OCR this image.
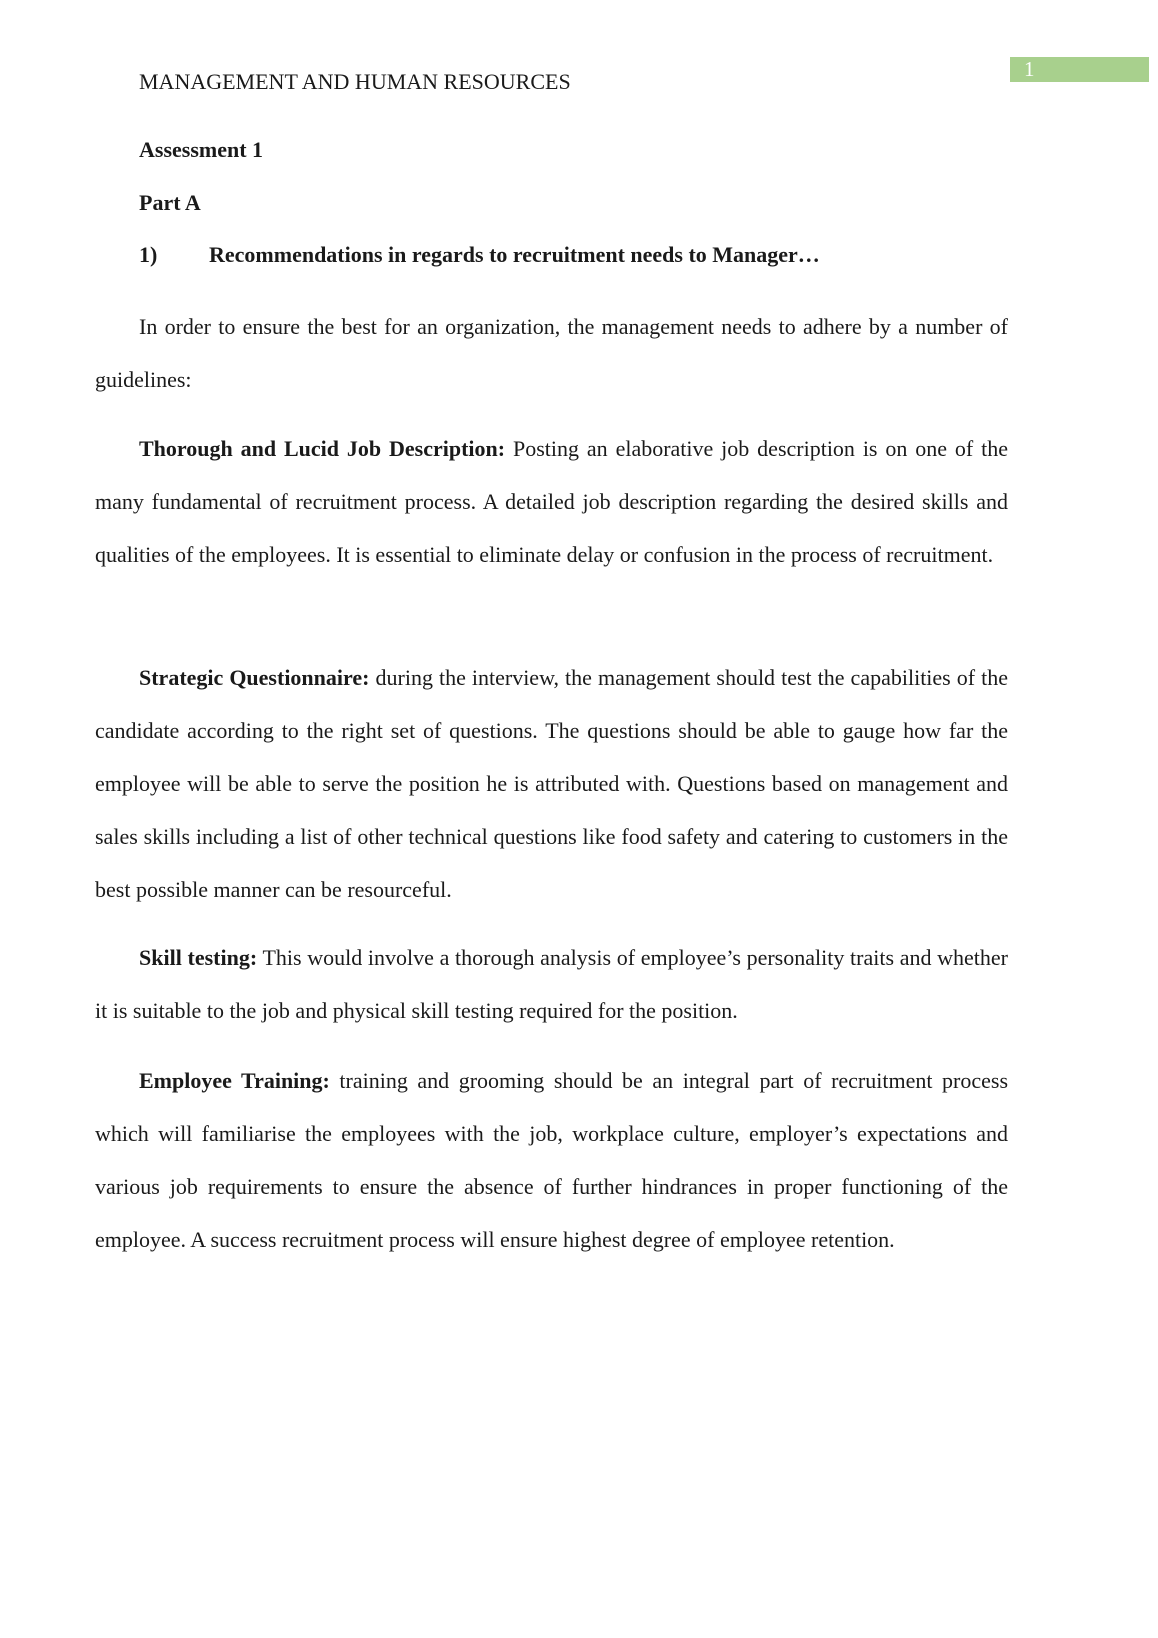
1
MANAGEMENT AND HUMAN RESOURCES
Assessment 1
Part A
1) Recommendations in regards to recruitment needs to Manager…

In order to ensure the best for an organization, the management needs to adhere by a number of guidelines:

Thorough and Lucid Job Description: Posting an elaborative job description is on one of the many fundamental of recruitment process. A detailed job description regarding the desired skills and qualities of the employees. It is essential to eliminate delay or confusion in the process of recruitment.

Strategic Questionnaire: during the interview, the management should test the capabilities of the candidate according to the right set of questions. The questions should be able to gauge how far the employee will be able to serve the position he is attributed with. Questions based on management and sales skills including a list of other technical questions like food safety and catering to customers in the best possible manner can be resourceful.

Skill testing: This would involve a thorough analysis of employee’s personality traits and whether it is suitable to the job and physical skill testing required for the position.

Employee Training: training and grooming should be an integral part of recruitment process which will familiarise the employees with the job, workplace culture, employer’s expectations and various job requirements to ensure the absence of further hindrances in proper functioning of the employee. A success recruitment process will ensure highest degree of employee retention.
